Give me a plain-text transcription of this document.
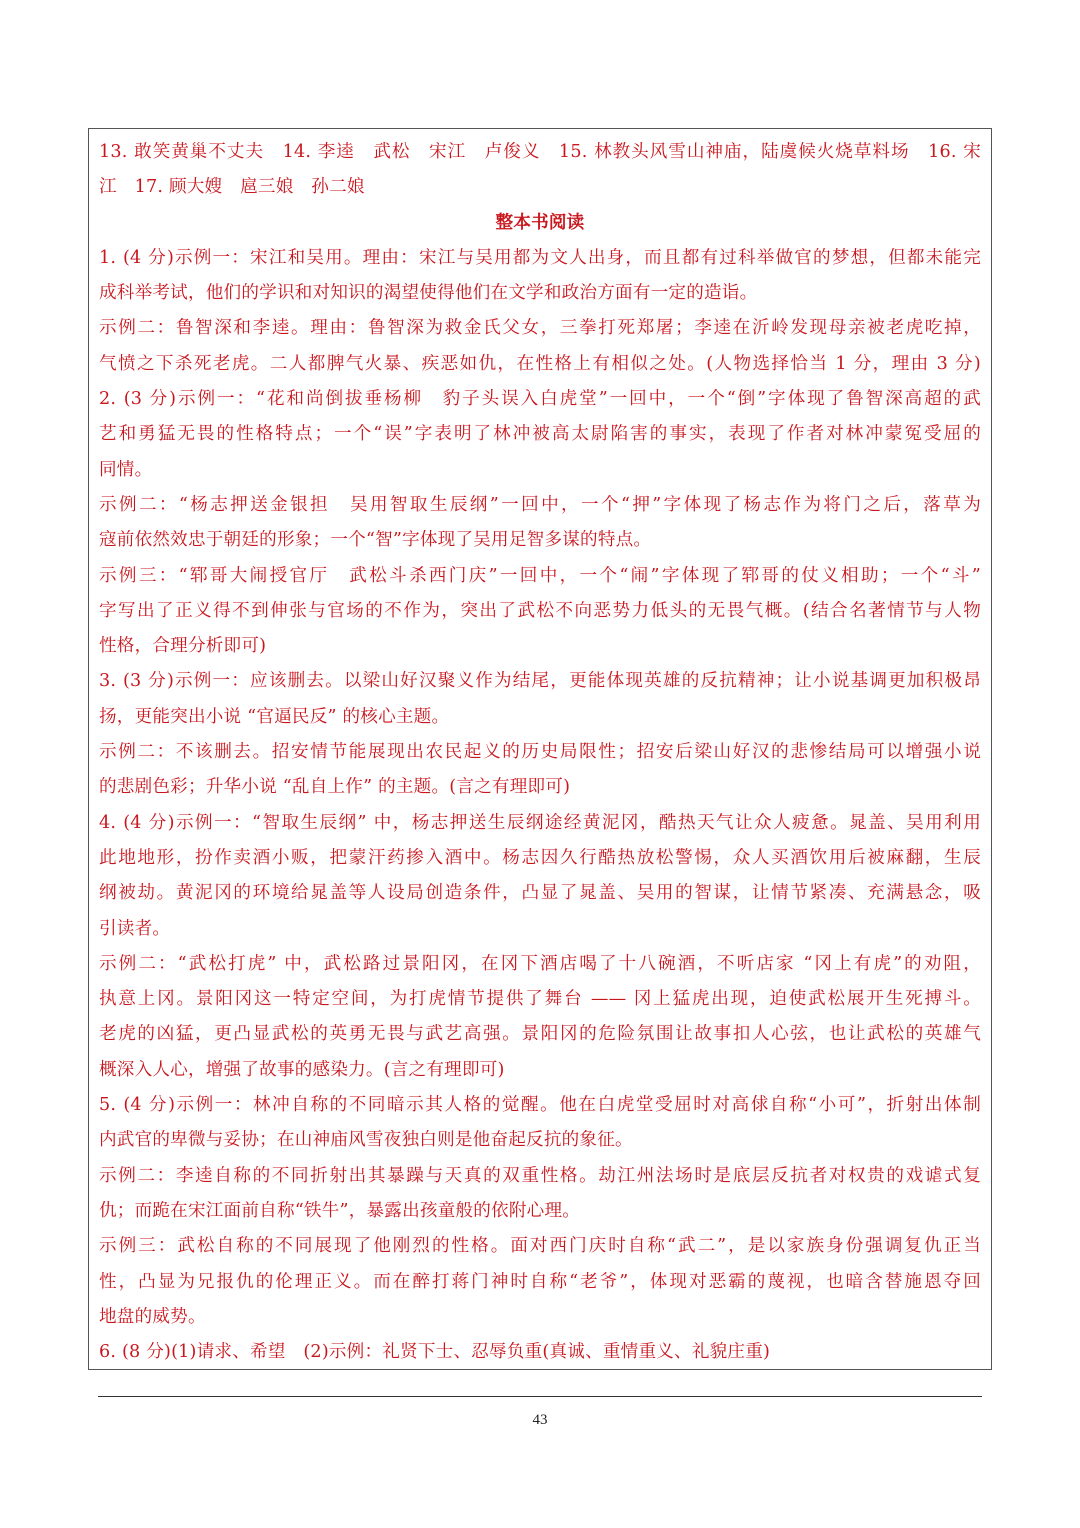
13. 敢笑黄巢不丈夫　14. 李逵　武松　宋江　卢俊义　15. 林教头风雪山神庙，陆虞候火烧草料场　16. 宋
江　17. 顾大嫂　扈三娘　孙二娘
整本书阅读
1. (4 分)示例一：宋江和吴用。理由：宋江与吴用都为文人出身，而且都有过科举做官的梦想，但都未能完
成科举考试，他们的学识和对知识的渴望使得他们在文学和政治方面有一定的造诣。
示例二：鲁智深和李逵。理由：鲁智深为救金氏父女，三拳打死郑屠；李逵在沂岭发现母亲被老虎吃掉，
气愤之下杀死老虎。二人都脾气火暴、疾恶如仇，在性格上有相似之处。(人物选择恰当 1 分，理由 3 分)
2. (3 分)示例一：“花和尚倒拔垂杨柳　豹子头误入白虎堂”一回中，一个“倒”字体现了鲁智深高超的武
艺和勇猛无畏的性格特点；一个“误”字表明了林冲被高太尉陷害的事实，表现了作者对林冲蒙冤受屈的
同情。
示例二：“杨志押送金银担　吴用智取生辰纲”一回中，一个“押”字体现了杨志作为将门之后，落草为
寇前依然效忠于朝廷的形象；一个“智”字体现了吴用足智多谋的特点。
示例三：“郓哥大闹授官厅　武松斗杀西门庆”一回中，一个“闹”字体现了郓哥的仗义相助；一个“斗”
字写出了正义得不到伸张与官场的不作为，突出了武松不向恶势力低头的无畏气概。(结合名著情节与人物
性格，合理分析即可)
3. (3 分)示例一：应该删去。以梁山好汉聚义作为结尾，更能体现英雄的反抗精神；让小说基调更加积极昂
扬，更能突出小说 “官逼民反” 的核心主题。
示例二：不该删去。招安情节能展现出农民起义的历史局限性；招安后梁山好汉的悲惨结局可以增强小说
的悲剧色彩；升华小说 “乱自上作” 的主题。(言之有理即可)
4. (4 分)示例一：“智取生辰纲” 中，杨志押送生辰纲途经黄泥冈，酷热天气让众人疲惫。晁盖、吴用利用
此地地形，扮作卖酒小贩，把蒙汗药掺入酒中。杨志因久行酷热放松警惕，众人买酒饮用后被麻翻，生辰
纲被劫。黄泥冈的环境给晁盖等人设局创造条件，凸显了晁盖、吴用的智谋，让情节紧凑、充满悬念，吸
引读者。
示例二：“武松打虎” 中，武松路过景阳冈，在冈下酒店喝了十八碗酒，不听店家 “冈上有虎”的劝阻，
执意上冈。景阳冈这一特定空间，为打虎情节提供了舞台 —— 冈上猛虎出现，迫使武松展开生死搏斗。
老虎的凶猛，更凸显武松的英勇无畏与武艺高强。景阳冈的危险氛围让故事扣人心弦，也让武松的英雄气
概深入人心，增强了故事的感染力。(言之有理即可)
5. (4 分)示例一：林冲自称的不同暗示其人格的觉醒。他在白虎堂受屈时对高俅自称“小可”，折射出体制
内武官的卑微与妥协；在山神庙风雪夜独白则是他奋起反抗的象征。
示例二：李逵自称的不同折射出其暴躁与天真的双重性格。劫江州法场时是底层反抗者对权贵的戏谑式复
仇；而跪在宋江面前自称“铁牛”，暴露出孩童般的依附心理。
示例三：武松自称的不同展现了他刚烈的性格。面对西门庆时自称“武二”，是以家族身份强调复仇正当
性，凸显为兄报仇的伦理正义。而在醉打蒋门神时自称“老爷”，体现对恶霸的蔑视，也暗含替施恩夺回
地盘的威势。
6. (8 分)(1)请求、希望　(2)示例：礼贤下士、忍辱负重(真诚、重情重义、礼貌庄重)
43
